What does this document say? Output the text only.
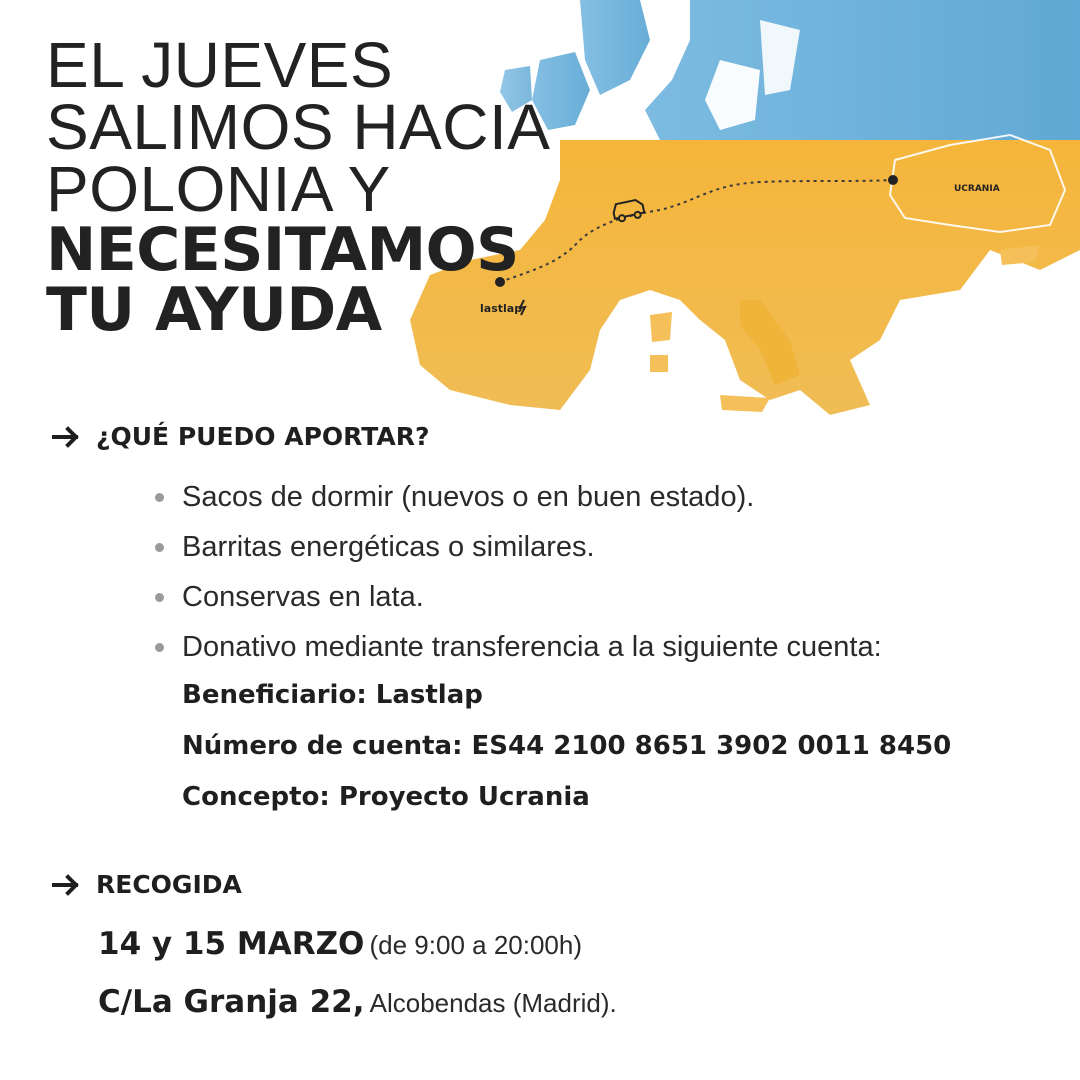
UCRANIA
lastlap
EL JUEVES
SALIMOS HACIA
POLONIA Y
NECESITAMOS
TU AYUDA
¿QUÉ PUEDO APORTAR?
Sacos de dormir (nuevos o en buen estado).
Barritas energéticas o similares.
Conservas en lata.
Donativo mediante transferencia a la siguiente cuenta:
Beneficiario: Lastlap
Número de cuenta: ES44 2100 8651 3902 0011 8450
Concepto: Proyecto Ucrania
RECOGIDA
14 y 15 MARZO (de 9:00 a 20:00h)
C/La Granja 22, Alcobendas (Madrid).
